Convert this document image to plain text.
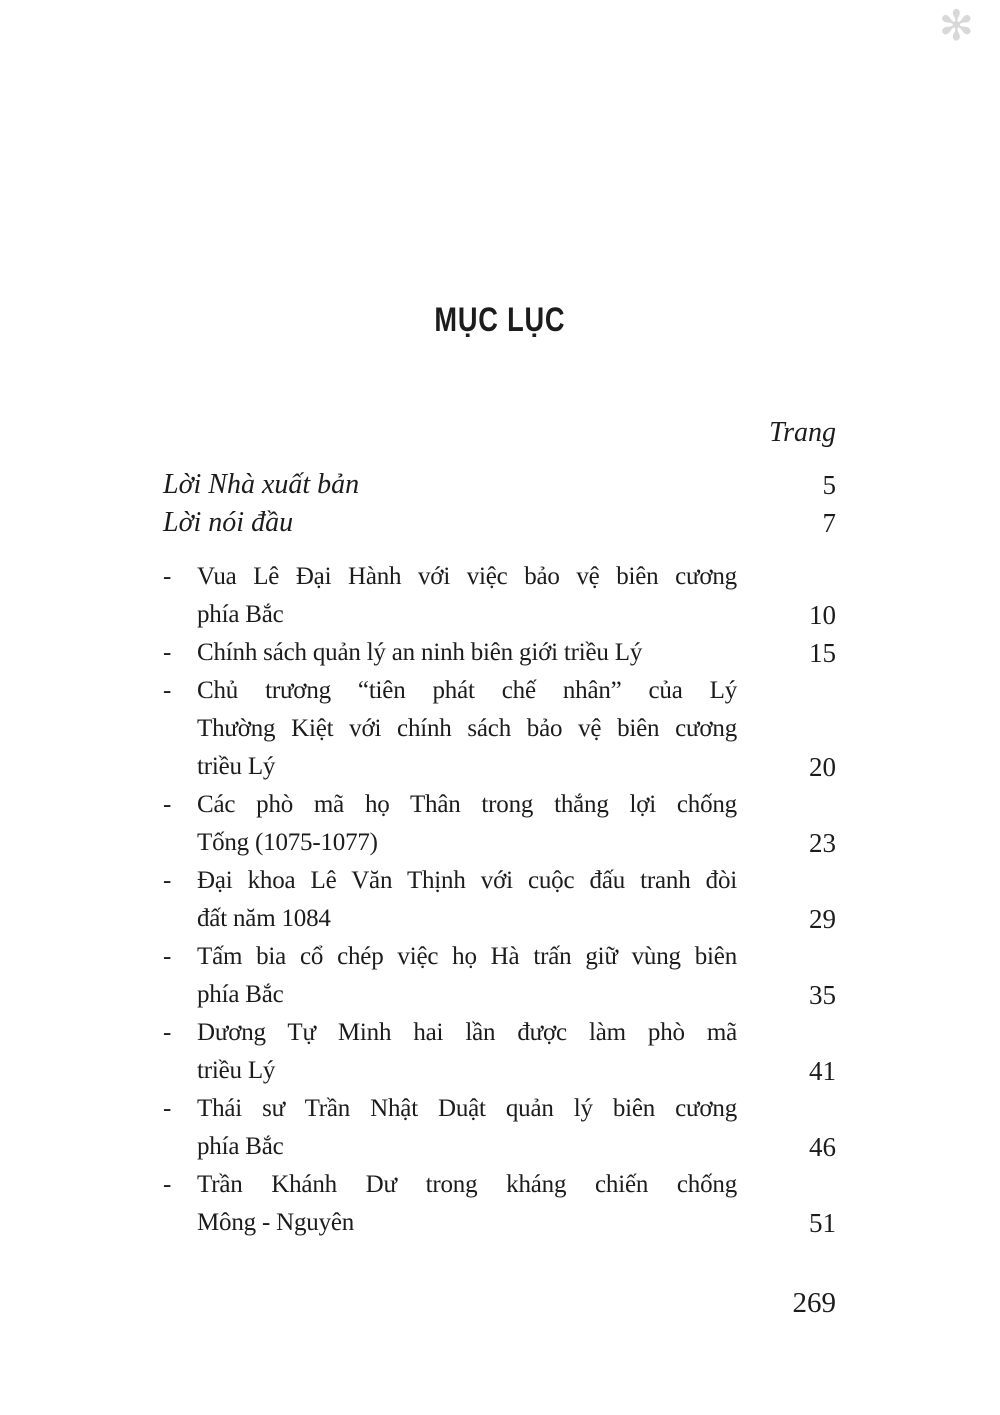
✻
MỤC LỤC
Trang
Lời Nhà xuất bản	5
Lời nói đầu	7
-	Vua Lê Đại Hành với việc bảo vệ biên cương
phía Bắc	10
-	Chính sách quản lý an ninh biên giới triều Lý	15
-	Chủ trương “tiên phát chế nhân” của Lý
Thường Kiệt với chính sách bảo vệ biên cương
triều Lý	20
-	Các phò mã họ Thân trong thắng lợi chống
Tống (1075-1077)	23
-	Đại khoa Lê Văn Thịnh với cuộc đấu tranh đòi
đất năm 1084	29
-	Tấm bia cổ chép việc họ Hà trấn giữ vùng biên
phía Bắc	35
-	Dương Tự Minh hai lần được làm phò mã
triều Lý	41
-	Thái sư Trần Nhật Duật quản lý biên cương
phía Bắc	46
-	Trần Khánh Dư trong kháng chiến chống
Mông - Nguyên	51
269
